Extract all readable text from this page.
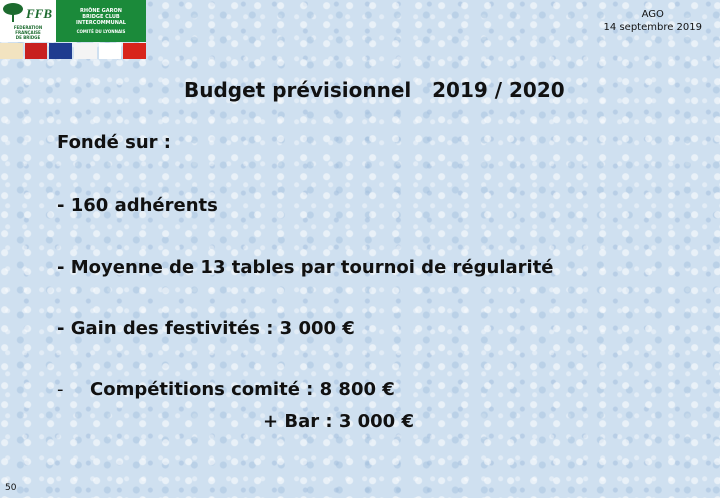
FFB
FEDERATION
FRANÇAISE
DE BRIDGE
RHÔNE GARON
BRIDGE CLUB
INTERCOMMUNAL
COMITÉ DU LYONNAIS
AGO
14 septembre 2019
Budget prévisionnel   2019 / 2020

Fondé sur :

- 160 adhérents

- Moyenne de 13 tables par tournoi de régularité

- Gain des festivités : 3 000 €

- Compétitions comité : 8 800 €

+ Bar : 3 000 €

50
